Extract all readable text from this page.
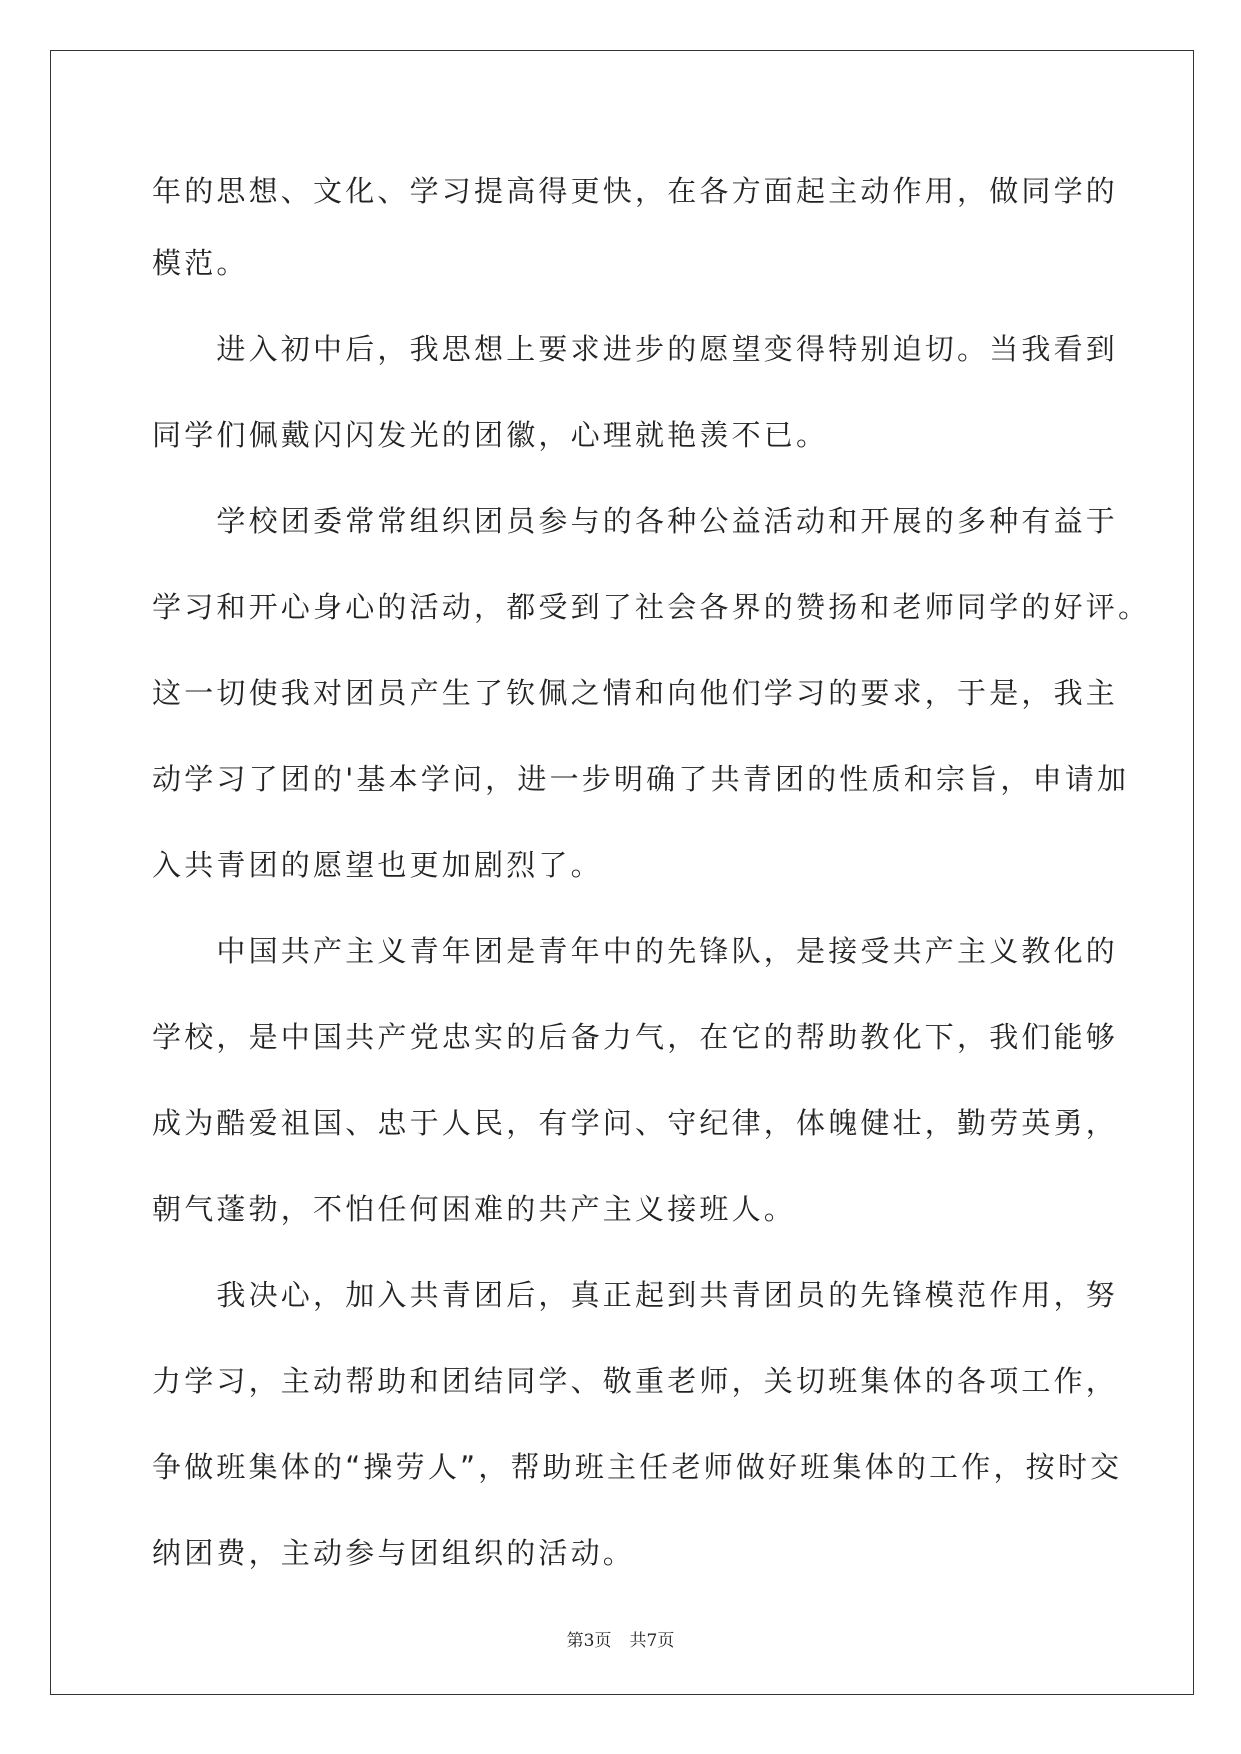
年的思想、文化、学习提高得更快，在各方面起主动作用，做同学的
模范。
　　进入初中后，我思想上要求进步的愿望变得特别迫切。当我看到
同学们佩戴闪闪发光的团徽，心理就艳羡不已。
　　学校团委常常组织团员参与的各种公益活动和开展的多种有益于
学习和开心身心的活动，都受到了社会各界的赞扬和老师同学的好评。
这一切使我对团员产生了钦佩之情和向他们学习的要求，于是，我主
动学习了团的'基本学问，进一步明确了共青团的性质和宗旨，申请加
入共青团的愿望也更加剧烈了。
　　中国共产主义青年团是青年中的先锋队，是接受共产主义教化的
学校，是中国共产党忠实的后备力气，在它的帮助教化下，我们能够
成为酷爱祖国、忠于人民，有学问、守纪律，体魄健壮，勤劳英勇，
朝气蓬勃，不怕任何困难的共产主义接班人。
　　我决心，加入共青团后，真正起到共青团员的先锋模范作用，努
力学习，主动帮助和团结同学、敬重老师，关切班集体的各项工作，
争做班集体的“操劳人”，帮助班主任老师做好班集体的工作，按时交
纳团费，主动参与团组织的活动。
第3页 共7页
